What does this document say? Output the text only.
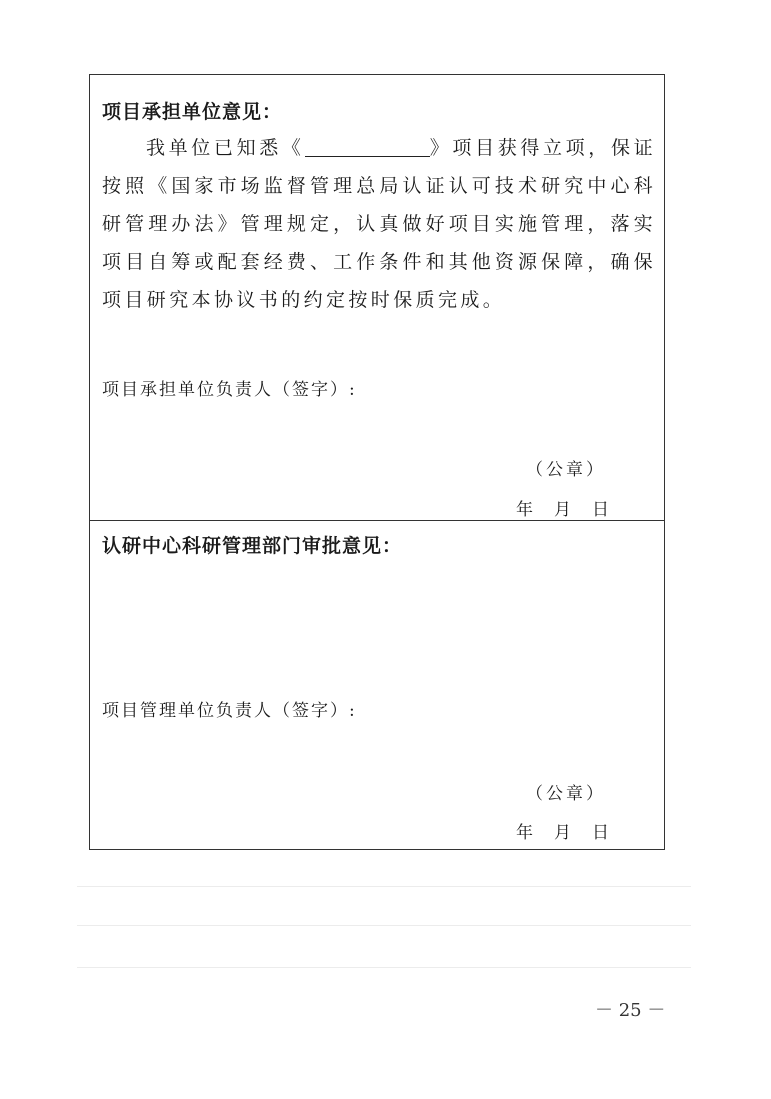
项目承担单位意见：

我单位已知悉《	》项目获得立项，保证按照《国家市场监督管理总局认证认可技术研究中心科研管理办法》管理规定，认真做好项目实施管理，落实项目自筹或配套经费、工作条件和其他资源保障，确保项目研究本协议书的约定按时保质完成。

项目承担单位负责人（签字）:
（公章）
年　月　日
认研中心科研管理部门审批意见：
项目管理单位负责人（签字）:
（公章）
年　月　日
－ 25 －
